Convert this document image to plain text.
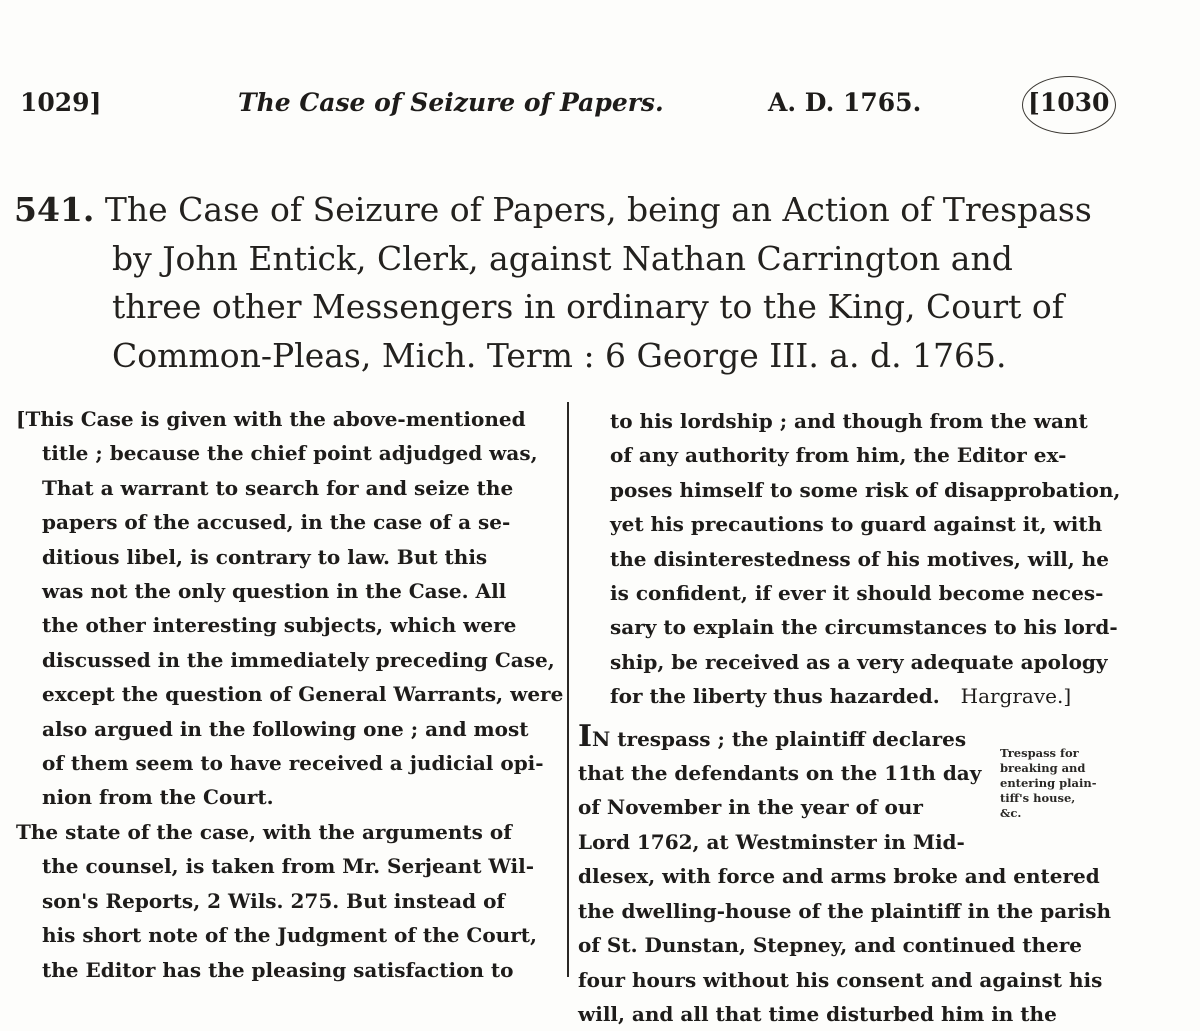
1029]	The Case of Seizure of Papers.	A. D. 1765.	[1030
541. The Case of Seizure of Papers, being an Action of Trespass
by John Entick, Clerk, against Nathan Carrington and
three other Messengers in ordinary to the King, Court of
Common-Pleas, Mich. Term : 6 George III. a. d. 1765.
[This Case is given with the above-mentioned
title ; because the chief point adjudged was,
That a warrant to search for and seize the
papers of the accused, in the case of a se-
ditious libel, is contrary to law. But this
was not the only question in the Case. All
the other interesting subjects, which were
discussed in the immediately preceding Case,
except the question of General Warrants, were
also argued in the following one ; and most
of them seem to have received a judicial opi-
nion from the Court.
The state of the case, with the arguments of
the counsel, is taken from Mr. Serjeant Wil-
son's Reports, 2 Wils. 275. But instead of
his short note of the Judgment of the Court,
the Editor has the pleasing satisfaction to
to his lordship ; and though from the want
of any authority from him, the Editor ex-
poses himself to some risk of disapprobation,
yet his precautions to guard against it, with
the disinterestedness of his motives, will, he
is confident, if ever it should become neces-
sary to explain the circumstances to his lord-
ship, be received as a very adequate apology
for the liberty thus hazarded. Hargrave.]
IN trespass ; the plaintiff declares
that the defendants on the 11th day
of November in the year of our
Lord 1762, at Westminster in Mid-
dlesex, with force and arms broke and entered
the dwelling-house of the plaintiff in the parish
of St. Dunstan, Stepney, and continued there
four hours without his consent and against his
will, and all that time disturbed him in the
Trespass for
breaking and
entering plain-
tiff's house,
&c.
